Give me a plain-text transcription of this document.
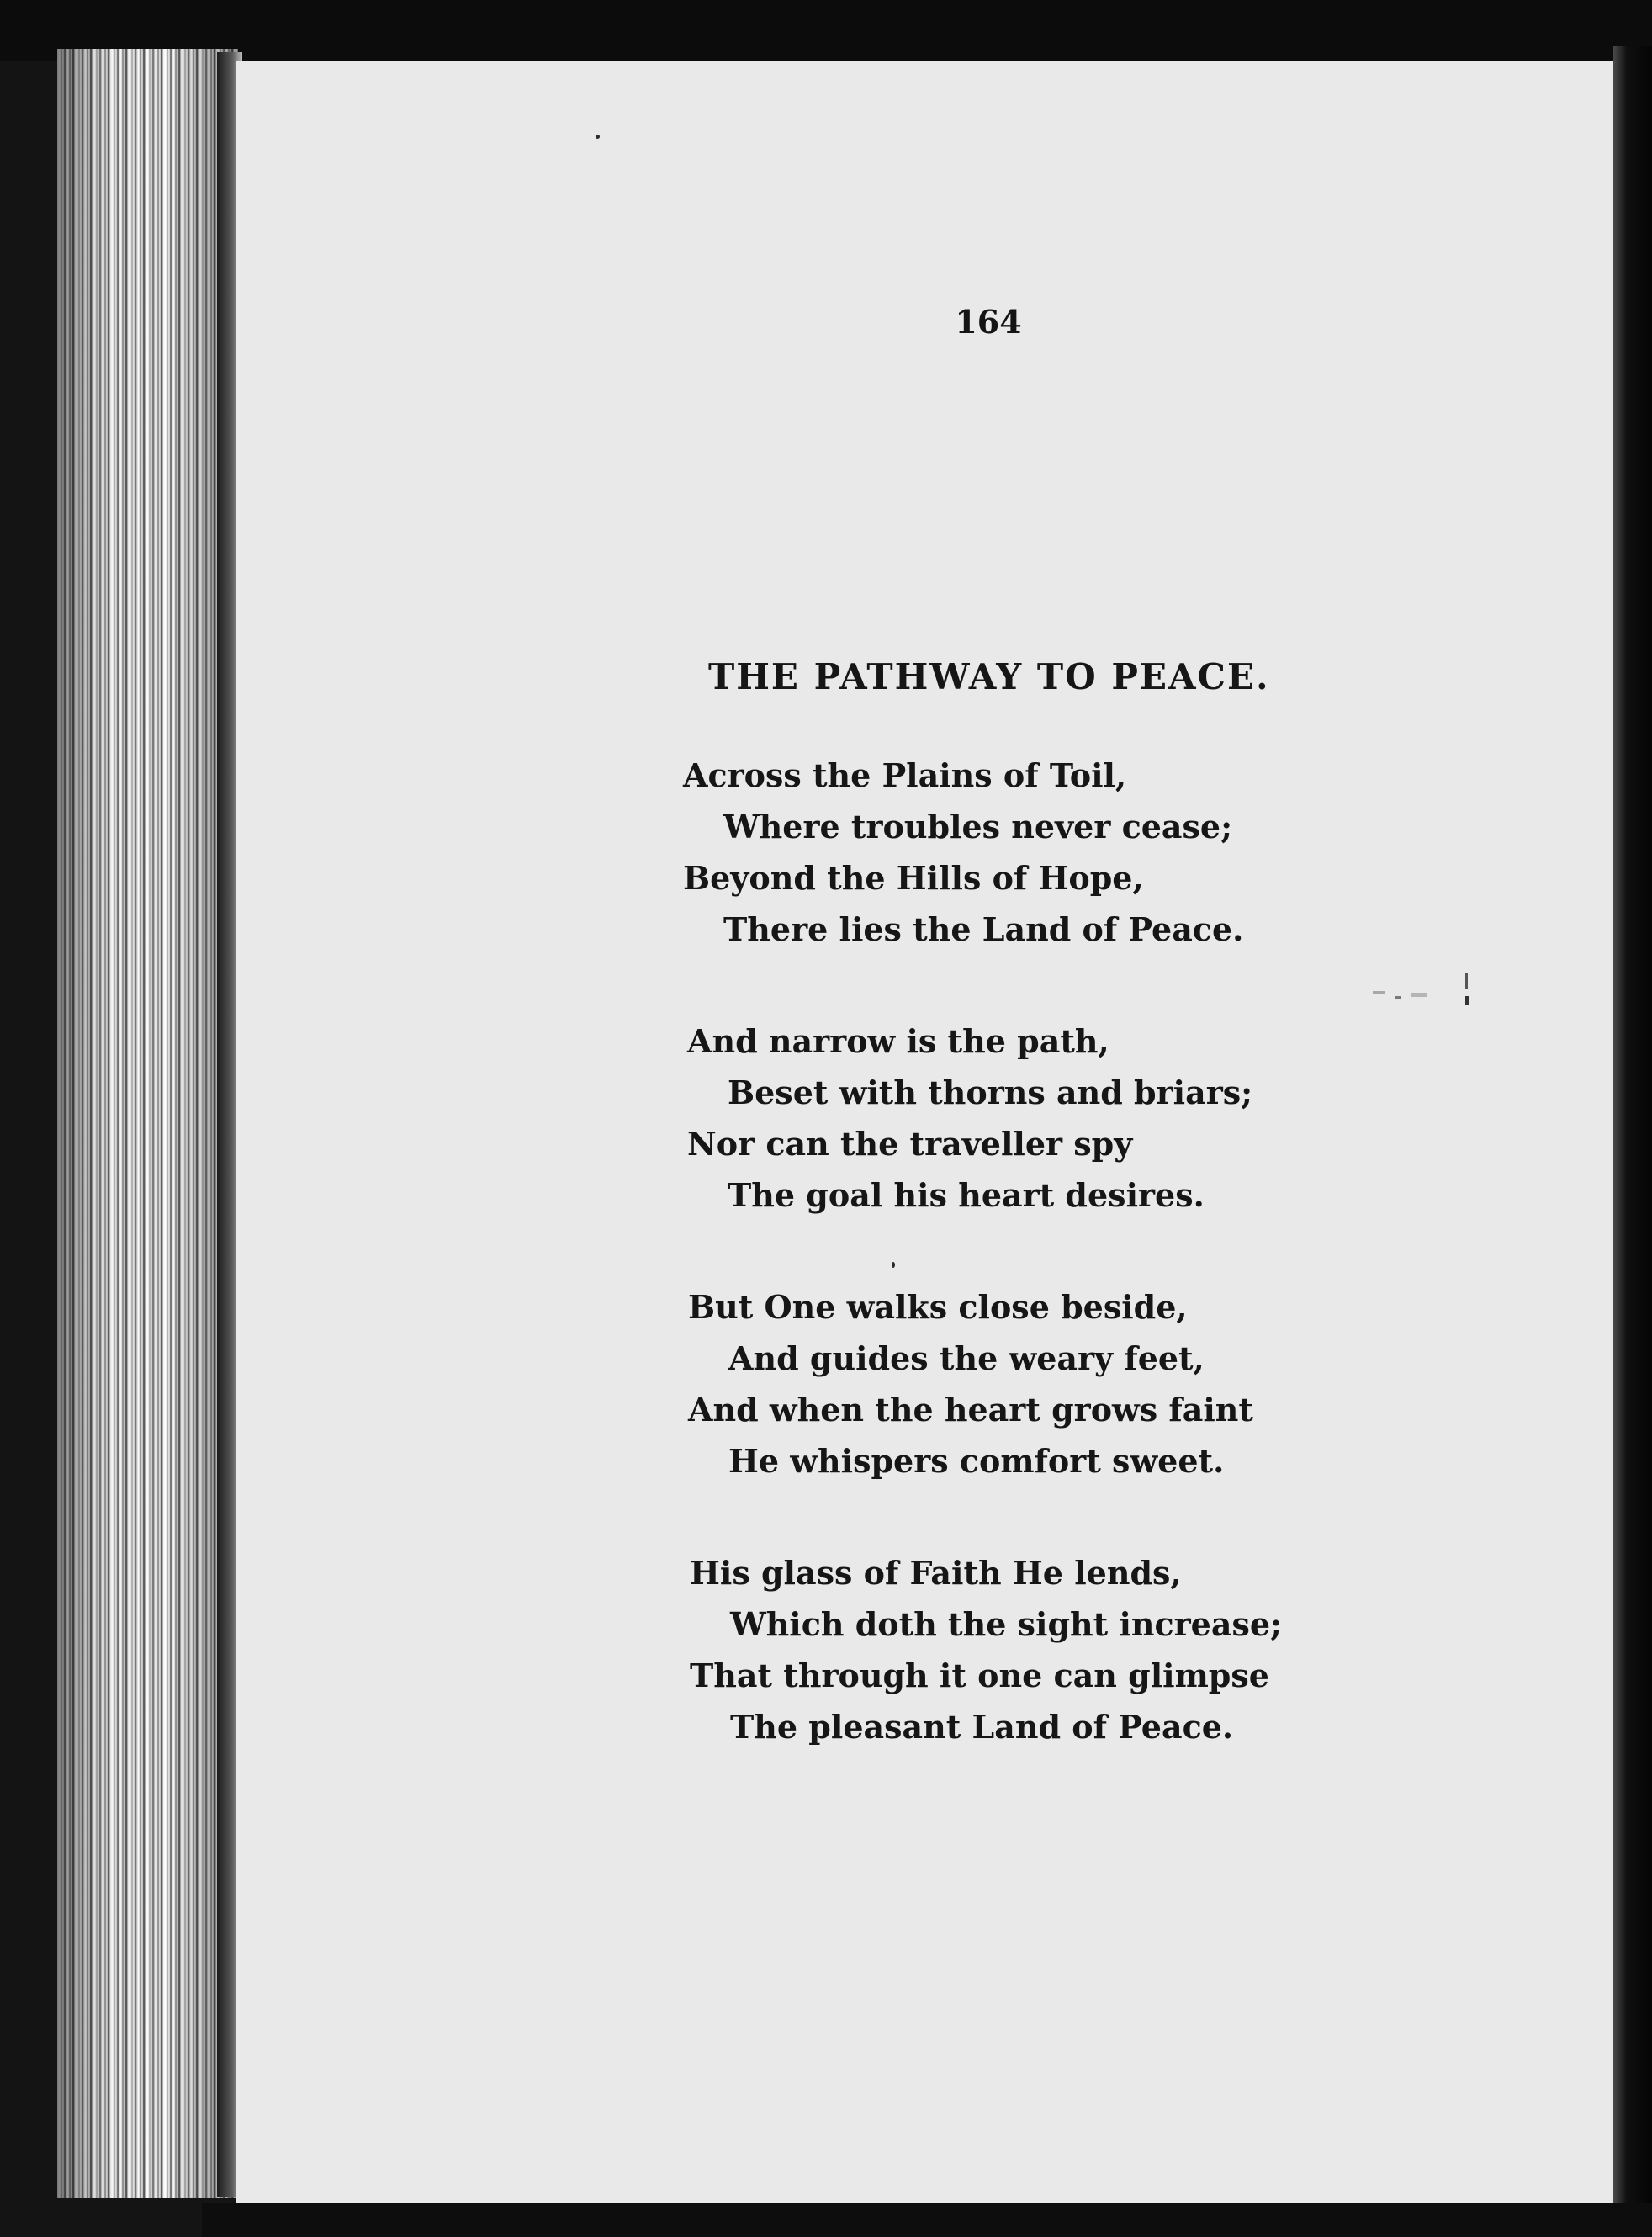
164
THE PATHWAY TO PEACE.
Across the Plains of Toil,
Where troubles never cease;
Beyond the Hills of Hope,
There lies the Land of Peace.
And narrow is the path,
Beset with thorns and briars;
Nor can the traveller spy
The goal his heart desires.
But One walks close beside,
And guides the weary feet,
And when the heart grows faint
He whispers comfort sweet.
His glass of Faith He lends,
Which doth the sight increase;
That through it one can glimpse
The pleasant Land of Peace.
